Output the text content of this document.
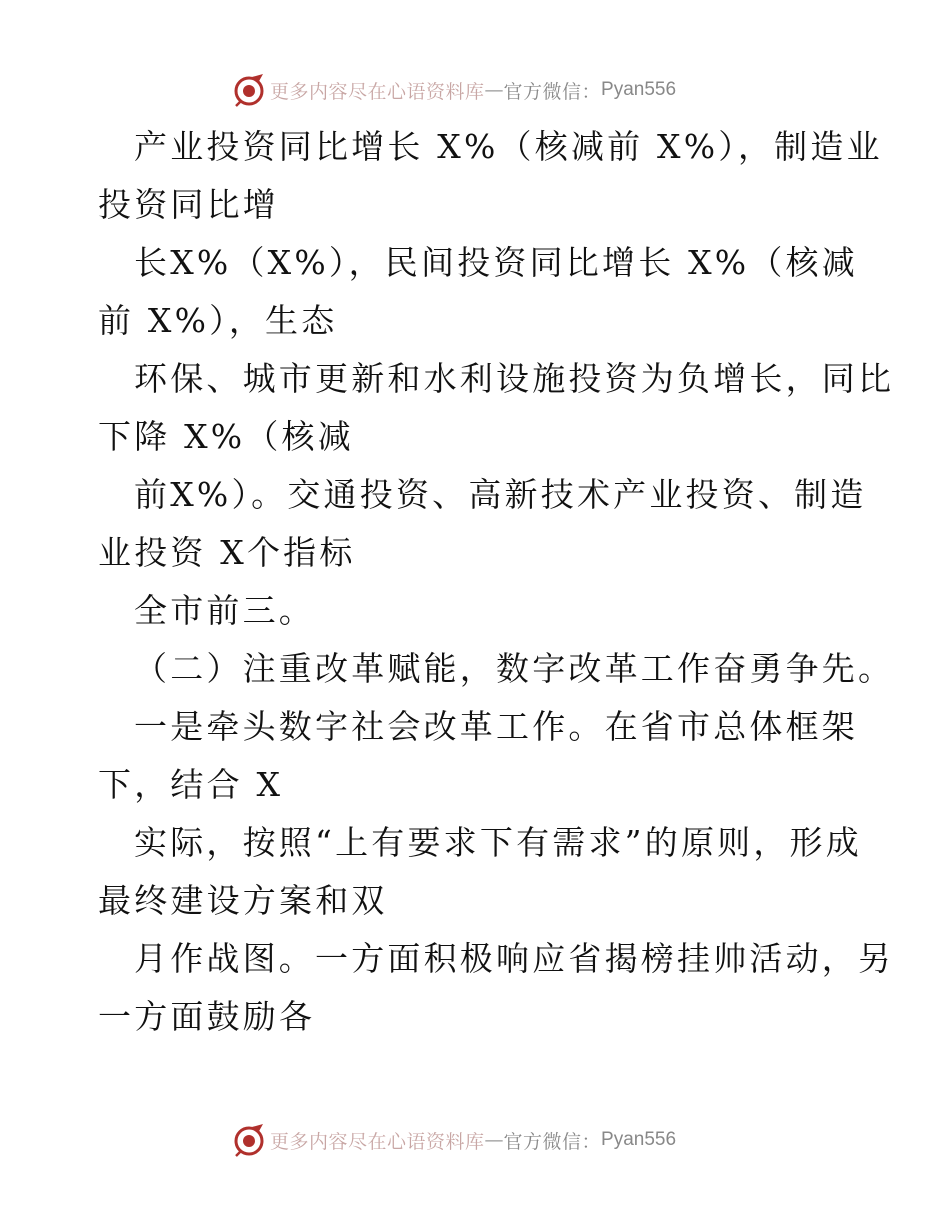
更多内容尽在心语资料库 — 官方微信： Pyan556
产业投资同比增长 X%（核减前 X%），制造业
投资同比增
长X%（X%），民间投资同比增长 X%（核减
前 X%），生态
环保、城市更新和水利设施投资为负增长，同比
下降 X%（核减
前X%）。交通投资、高新技术产业投资、制造
业投资 X个指标
全市前三。
（二）注重改革赋能，数字改革工作奋勇争先。
一是牵头数字社会改革工作。在省市总体框架
下，结合 X
实际，按照“上有要求下有需求”的原则，形成
最终建设方案和双
月作战图。一方面积极响应省揭榜挂帅活动，另
一方面鼓励各
更多内容尽在心语资料库 — 官方微信： Pyan556
